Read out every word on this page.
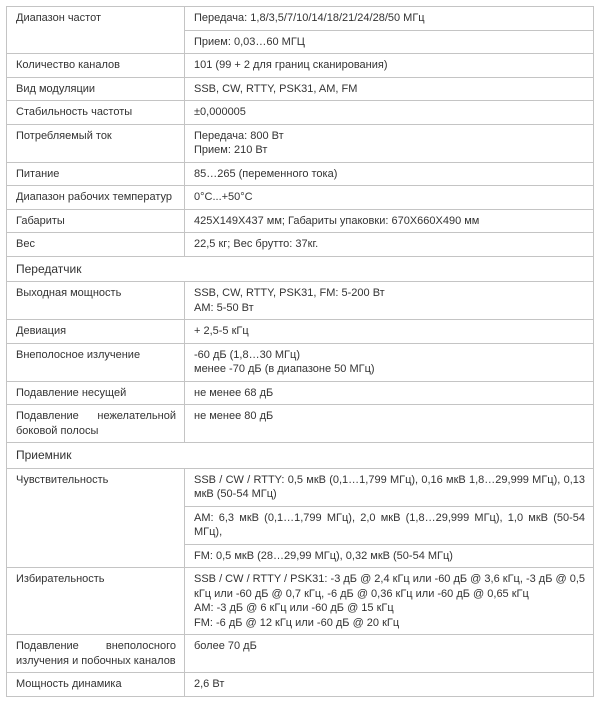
Диапазон частот	Передача: 1,8/3,5/7/10/14/18/21/24/28/50 МГц
	Прием: 0,03…60 МГЦ
Количество каналов	101 (99 + 2 для границ сканирования)
Вид модуляции	SSB, CW, RTTY, PSK31, AM, FM
Стабильность частоты	±0,000005
Потребляемый ток	Передача: 800 Вт
Прием: 210 Вт

Питание	85…265 (переменного тока)
Диапазон рабочих температур	0°C...+50°C
Габариты	425X149X437 мм; Габариты упаковки: 670X660X490 мм
Вес	22,5 кг; Вес брутто: 37кг.
Передатчик	
Выходная мощность	SSB, CW, RTTY, PSK31, FM: 5-200 Вт
AM: 5-50 Вт

Девиация	+ 2,5-5 кГц
Внеполосное излучение	-60 дБ (1,8…30 МГц)
менее -70 дБ (в диапазоне 50 МГц)

Подавление несущей	не менее 68 дБ
Подавление нежелательной боковой полосы	не менее 80 дБ
Приемник	
Чувствительность	SSB / CW / RTTY: 0,5 мкВ (0,1…1,799 МГц), 0,16 мкВ 1,8…29,999 МГц), 0,13 мкВ (50-54 МГц)
	AM: 6,3 мкВ (0,1…1,799 МГц), 2,0 мкВ (1,8…29,999 МГц), 1,0 мкВ (50-54 МГц),
	FM: 0,5 мкВ (28…29,99 МГц), 0,32 мкВ (50-54 МГц)
Избирательность	SSB / CW / RTTY / PSK31: -3 дБ @ 2,4 кГц или -60 дБ @ 3,6 кГц, -3 дБ @ 0,5 кГц или -60 дБ @ 0,7 кГц, -6 дБ @ 0,36 кГц или -60 дБ @ 0,65 кГц
AM: -3 дБ @ 6 кГц или -60 дБ @ 15 кГц
FM: -6 дБ @ 12 кГц или -60 дБ @ 20 кГц

Подавление внеполосного излучения и побочных каналов	более 70 дБ
Мощность динамика	2,6 Вт
